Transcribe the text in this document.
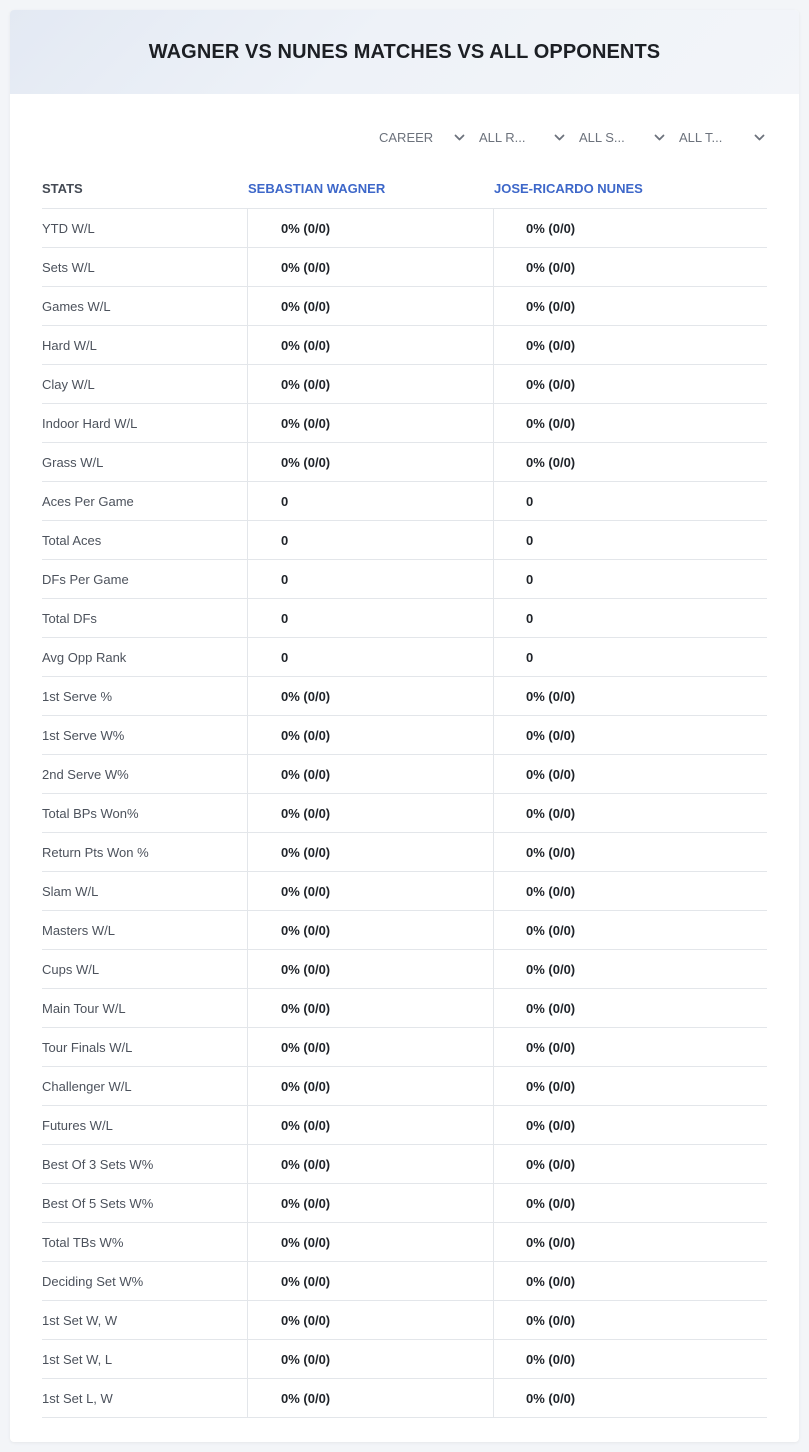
WAGNER VS NUNES MATCHES VS ALL OPPONENTS
CAREER	ALL R...	ALL S...	ALL T...
STATS	SEBASTIAN WAGNER	JOSE-RICARDO NUNES
YTD W/L	0% (0/0)	0% (0/0)
Sets W/L	0% (0/0)	0% (0/0)
Games W/L	0% (0/0)	0% (0/0)
Hard W/L	0% (0/0)	0% (0/0)
Clay W/L	0% (0/0)	0% (0/0)
Indoor Hard W/L	0% (0/0)	0% (0/0)
Grass W/L	0% (0/0)	0% (0/0)
Aces Per Game	0	0
Total Aces	0	0
DFs Per Game	0	0
Total DFs	0	0
Avg Opp Rank	0	0
1st Serve %	0% (0/0)	0% (0/0)
1st Serve W%	0% (0/0)	0% (0/0)
2nd Serve W%	0% (0/0)	0% (0/0)
Total BPs Won%	0% (0/0)	0% (0/0)
Return Pts Won %	0% (0/0)	0% (0/0)
Slam W/L	0% (0/0)	0% (0/0)
Masters W/L	0% (0/0)	0% (0/0)
Cups W/L	0% (0/0)	0% (0/0)
Main Tour W/L	0% (0/0)	0% (0/0)
Tour Finals W/L	0% (0/0)	0% (0/0)
Challenger W/L	0% (0/0)	0% (0/0)
Futures W/L	0% (0/0)	0% (0/0)
Best Of 3 Sets W%	0% (0/0)	0% (0/0)
Best Of 5 Sets W%	0% (0/0)	0% (0/0)
Total TBs W%	0% (0/0)	0% (0/0)
Deciding Set W%	0% (0/0)	0% (0/0)
1st Set W, W	0% (0/0)	0% (0/0)
1st Set W, L	0% (0/0)	0% (0/0)
1st Set L, W	0% (0/0)	0% (0/0)
